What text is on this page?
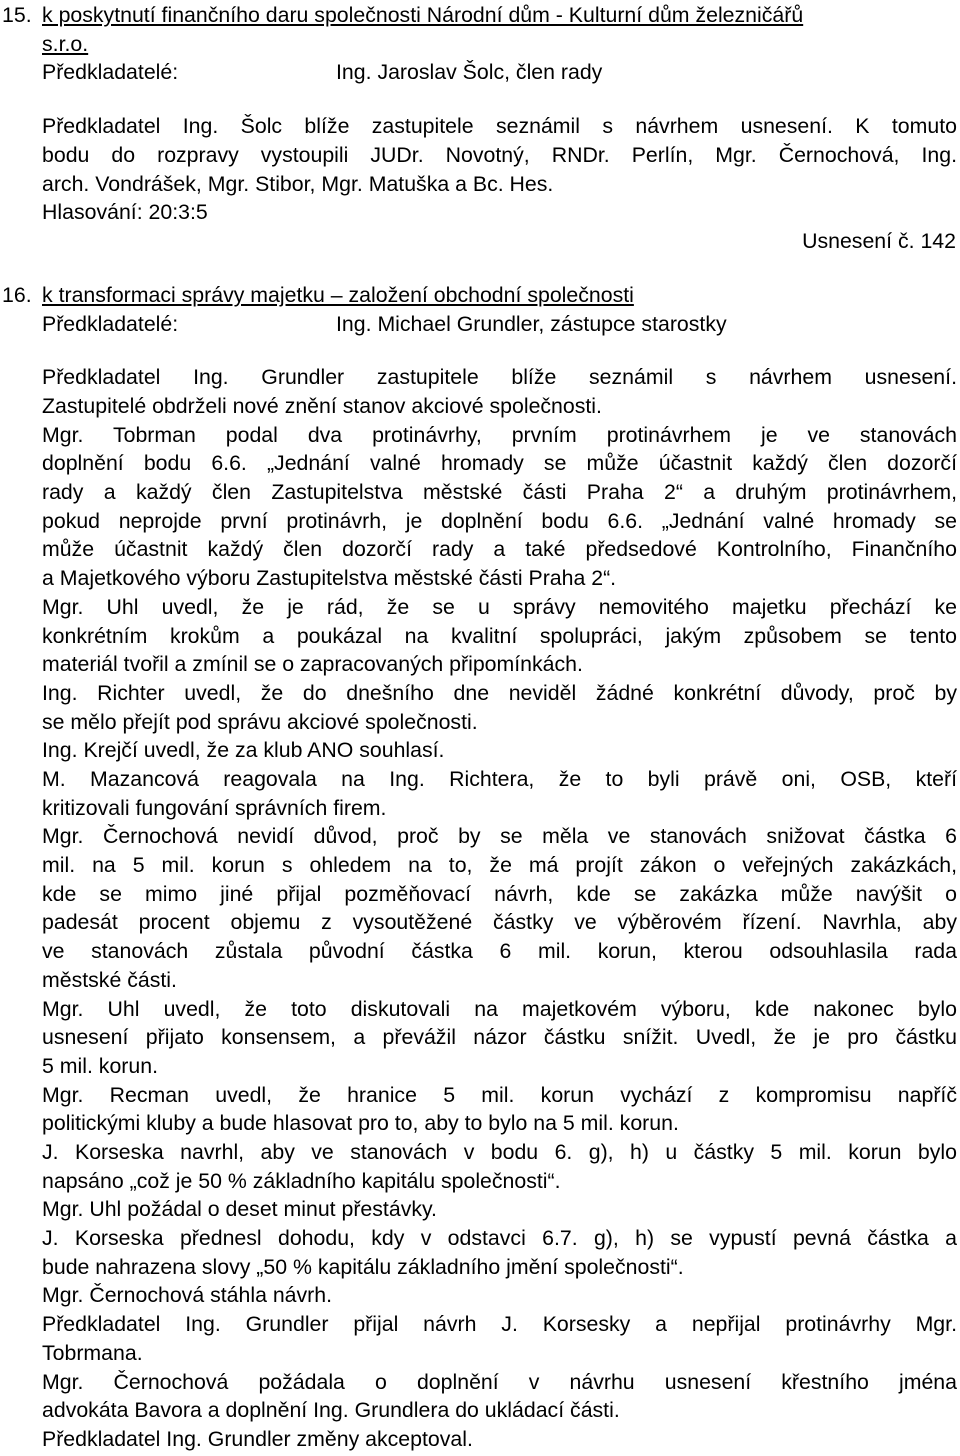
15. k poskytnutí finančního daru společnosti Národní dům - Kulturní dům železničářů
s.r.o.
Předkladatelé:	Ing. Jaroslav Šolc, člen rady
Předkladatel Ing. Šolc blíže zastupitele seznámil s návrhem usnesení. K tomuto
bodu do rozpravy vystoupili JUDr. Novotný, RNDr. Perlín, Mgr. Černochová, Ing.
arch. Vondrášek, Mgr. Stibor, Mgr. Matuška a Bc. Hes.
Hlasování: 20:3:5
Usnesení č. 142
16. k transformaci správy majetku – založení obchodní společnosti
Předkladatelé:	Ing. Michael Grundler, zástupce starostky
Předkladatel Ing. Grundler zastupitele blíže seznámil s návrhem usnesení.
Zastupitelé obdrželi nové znění stanov akciové společnosti.
Mgr. Tobrman podal dva protinávrhy, prvním protinávrhem je ve stanovách
doplnění bodu 6.6. „Jednání valné hromady se může účastnit každý člen dozorčí
rady a každý člen Zastupitelstva městské části Praha 2“ a druhým protinávrhem,
pokud neprojde první protinávrh, je doplnění bodu 6.6. „Jednání valné hromady se
může účastnit každý člen dozorčí rady a také předsedové Kontrolního, Finančního
a Majetkového výboru Zastupitelstva městské části Praha 2“.
Mgr. Uhl uvedl, že je rád, že se u správy nemovitého majetku přechází ke
konkrétním krokům a poukázal na kvalitní spolupráci, jakým způsobem se tento
materiál tvořil a zmínil se o zapracovaných připomínkách.
Ing. Richter uvedl, že do dnešního dne neviděl žádné konkrétní důvody, proč by
se mělo přejít pod správu akciové společnosti.
Ing. Krejčí uvedl, že za klub ANO souhlasí.
M. Mazancová reagovala na Ing. Richtera, že to byli právě oni, OSB, kteří
kritizovali fungování správních firem.
Mgr. Černochová nevidí důvod, proč by se měla ve stanovách snižovat částka 6
mil. na 5 mil. korun s ohledem na to, že má projít zákon o veřejných zakázkách,
kde se mimo jiné přijal pozměňovací návrh, kde se zakázka může navýšit o
padesát procent objemu z vysoutěžené částky ve výběrovém řízení. Navrhla, aby
ve stanovách zůstala původní částka 6 mil. korun, kterou odsouhlasila rada
městské části.
Mgr. Uhl uvedl, že toto diskutovali na majetkovém výboru, kde nakonec bylo
usnesení přijato konsensem, a převážil názor částku snížit. Uvedl, že je pro částku
5 mil. korun.
Mgr. Recman uvedl, že hranice 5 mil. korun vychází z kompromisu napříč
politickými kluby a bude hlasovat pro to, aby to bylo na 5 mil. korun.
J. Korseska navrhl, aby ve stanovách v bodu 6. g), h) u částky 5 mil. korun bylo
napsáno „což je 50 % základního kapitálu společnosti“.
Mgr. Uhl požádal o deset minut přestávky.
J. Korseska přednesl dohodu, kdy v odstavci 6.7. g), h) se vypustí pevná částka a
bude nahrazena slovy „50 % kapitálu základního jmění společnosti“.
Mgr. Černochová stáhla návrh.
Předkladatel Ing. Grundler přijal návrh J. Korsesky a nepřijal protinávrhy Mgr.
Tobrmana.
Mgr. Černochová požádala o doplnění v návrhu usnesení křestního jména
advokáta Bavora a doplnění Ing. Grundlera do ukládací části.
Předkladatel Ing. Grundler změny akceptoval.
